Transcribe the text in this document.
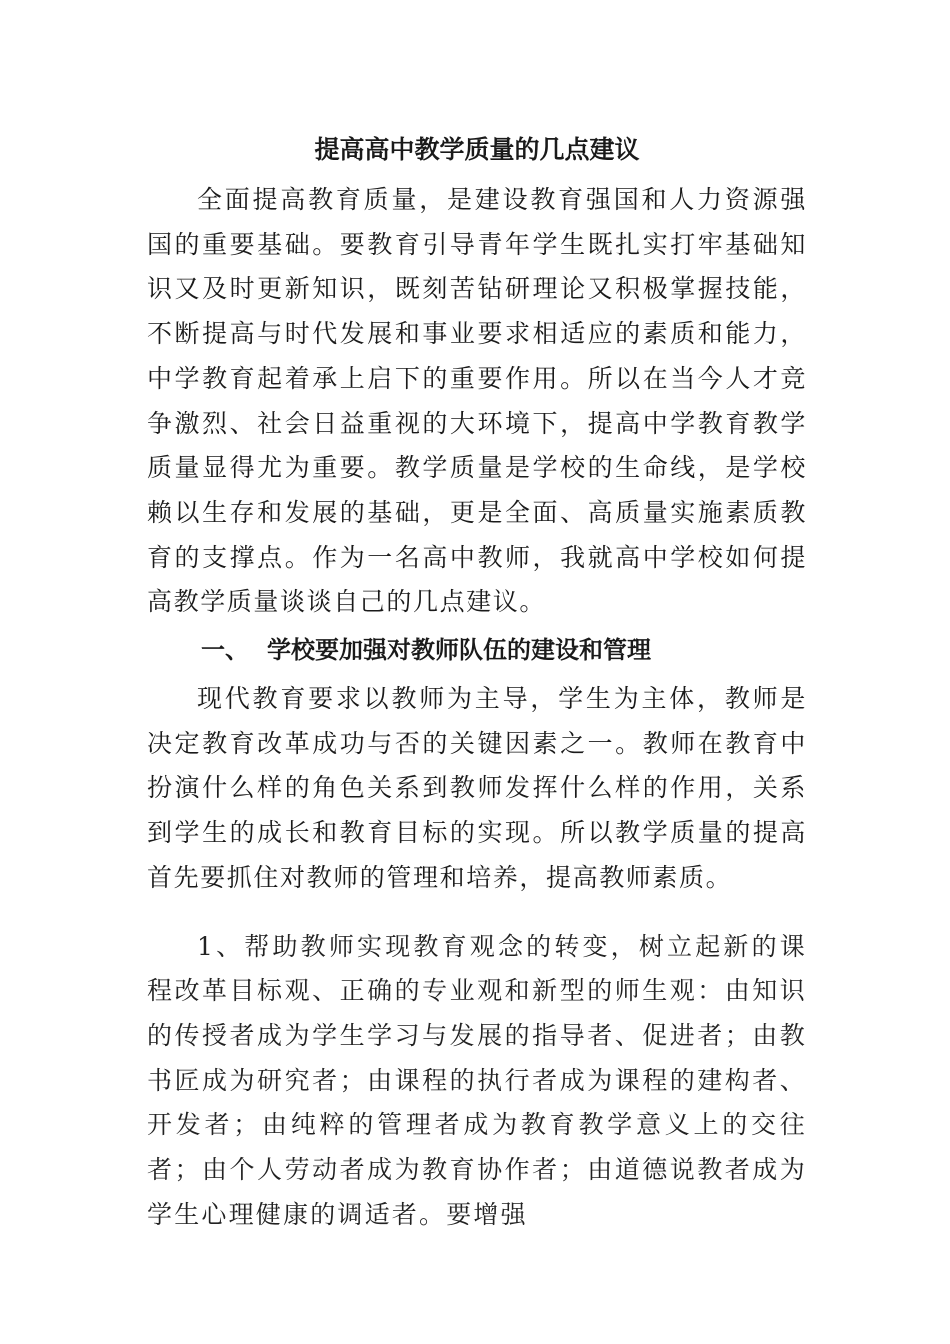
提高高中教学质量的几点建议

全面提高教育质量，是建设教育强国和人力资源强国的重要基础。要教育引导青年学生既扎实打牢基础知识又及时更新知识，既刻苦钻研理论又积极掌握技能，不断提高与时代发展和事业要求相适应的素质和能力，中学教育起着承上启下的重要作用。所以在当今人才竞争激烈、社会日益重视的大环境下，提高中学教育教学质量显得尤为重要。教学质量是学校的生命线，是学校赖以生存和发展的基础，更是全面、高质量实施素质教育的支撑点。作为一名高中教师，我就高中学校如何提高教学质量谈谈自己的几点建议。

一、 学校要加强对教师队伍的建设和管理

现代教育要求以教师为主导，学生为主体，教师是决定教育改革成功与否的关键因素之一。教师在教育中扮演什么样的角色关系到教师发挥什么样的作用，关系到学生的成长和教育目标的实现。所以教学质量的提高首先要抓住对教师的管理和培养，提高教师素质。

1、帮助教师实现教育观念的转变，树立起新的课程改革目标观、正确的专业观和新型的师生观：由知识的传授者成为学生学习与发展的指导者、促进者；由教书匠成为研究者；由课程的执行者成为课程的建构者、开发者；由纯粹的管理者成为教育教学意义上的交往者；由个人劳动者成为教育协作者；由道德说教者成为学生心理健康的调适者。要增强
